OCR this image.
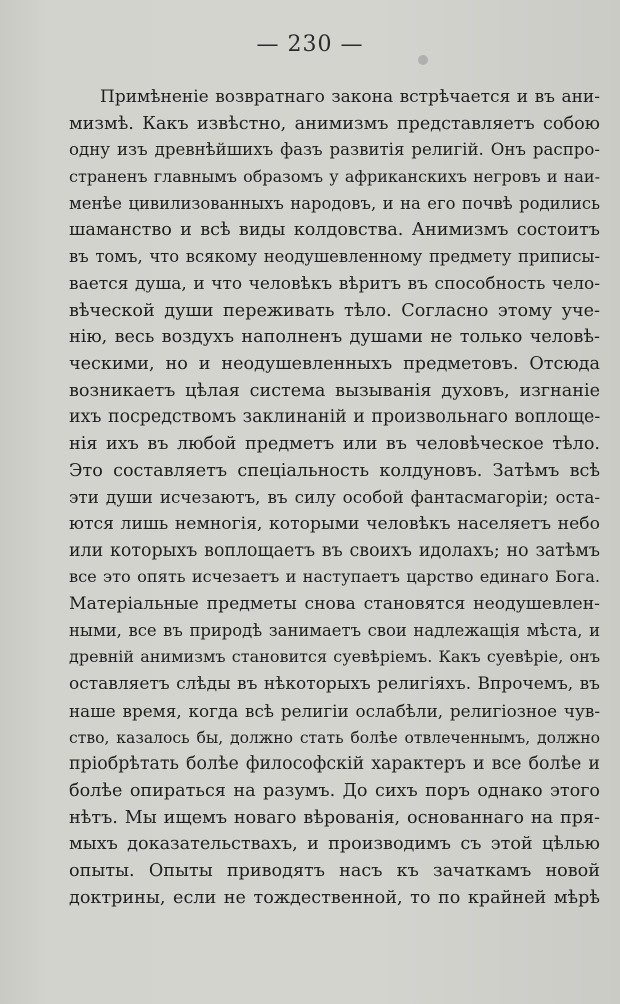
— 230 —
Примѣненіе возвратнаго закона встрѣчается и въ ани-
мизмѣ. Какъ извѣстно, анимизмъ представляетъ собою
одну изъ древнѣйшихъ фазъ развитія религій. Онъ распро-
страненъ главнымъ образомъ у африканскихъ негровъ и наи-
менѣе цивилизованныхъ народовъ, и на его почвѣ родились
шаманство и всѣ виды колдовства. Анимизмъ состоитъ
въ томъ, что всякому неодушевленному предмету приписы-
вается душа, и что человѣкъ вѣритъ въ способность чело-
вѣческой души переживать тѣло. Согласно этому уче-
нію, весь воздухъ наполненъ душами не только человѣ-
ческими, но и неодушевленныхъ предметовъ. Отсюда
возникаетъ цѣлая система вызыванія духовъ, изгнаніе
ихъ посредствомъ заклинаній и произвольнаго воплоще-
нія ихъ въ любой предметъ или въ человѣческое тѣло.
Это составляетъ спеціальность колдуновъ. Затѣмъ всѣ
эти души исчезаютъ, въ силу особой фантасмагоріи; оста-
ются лишь немногія, которыми человѣкъ населяетъ небо
или которыхъ воплощаетъ въ своихъ идолахъ; но затѣмъ
все это опять исчезаетъ и наступаетъ царство единаго Бога.
Матеріальные предметы снова становятся неодушевлен-
ными, все въ природѣ занимаетъ свои надлежащія мѣста, и
древній анимизмъ становится суевѣріемъ. Какъ суевѣріе, онъ
оставляетъ слѣды въ нѣкоторыхъ религіяхъ. Впрочемъ, въ
наше время, когда всѣ религіи ослабѣли, религіозное чув-
ство, казалось бы, должно стать болѣе отвлеченнымъ, должно
пріобрѣтать болѣе философскій характеръ и все болѣе и
болѣе опираться на разумъ. До сихъ поръ однако этого
нѣтъ. Мы ищемъ новаго вѣрованія, основаннаго на пря-
мыхъ доказательствахъ, и производимъ съ этой цѣлью
опыты. Опыты приводятъ насъ къ зачаткамъ новой
доктрины, если не тождественной, то по крайней мѣрѣ
